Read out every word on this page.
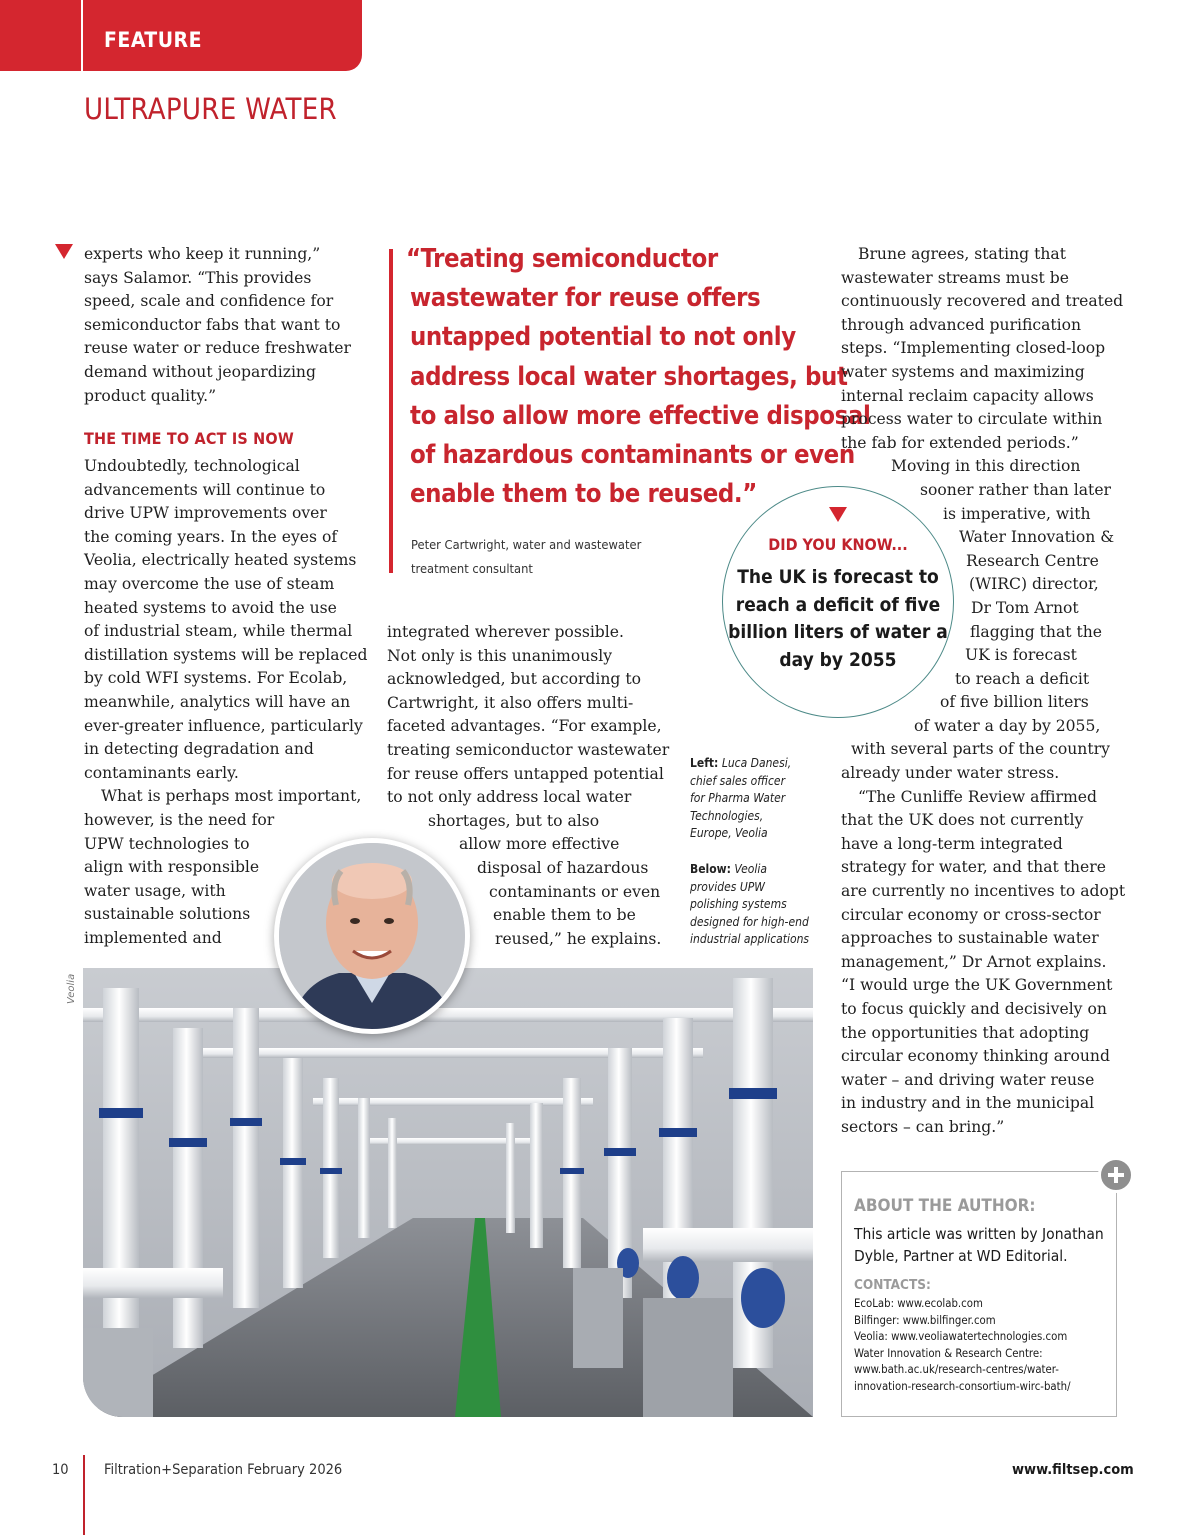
FEATURE
ULTRAPURE WATER
experts who keep it running,”
says Salamor. “This provides
speed, scale and confidence for
semiconductor fabs that want to
reuse water or reduce freshwater
demand without jeopardizing
product quality.”
THE TIME TO ACT IS NOW
Undoubtedly, technological
advancements will continue to
drive UPW improvements over
the coming years. In the eyes of
Veolia, electrically heated systems
may overcome the use of steam
heated systems to avoid the use
of industrial steam, while thermal
distillation systems will be replaced
by cold WFI systems. For Ecolab,
meanwhile, analytics will have an
ever-greater influence, particularly
in detecting degradation and
contaminants early.
What is perhaps most important,
however, is the need for
UPW technologies to
align with responsible
water usage, with
sustainable solutions
implemented and
“Treating semiconductor
wastewater for reuse offers
untapped potential to not only
address local water shortages, but
to also allow more effective disposal
of hazardous contaminants or even
enable them to be reused.”
Peter Cartwright, water and wastewater
treatment consultant
integrated wherever possible.
Not only is this unanimously
acknowledged, but according to
Cartwright, it also offers multi-
faceted advantages. “For example,
treating semiconductor wastewater
for reuse offers untapped potential
to not only address local water
shortages, but to also
allow more effective
disposal of hazardous
contaminants or even
enable them to be
reused,” he explains.
Left: Luca Danesi,
chief sales officer
for Pharma Water
Technologies,
Europe, Veolia
Below: Veolia
provides UPW
polishing systems
designed for high-end
industrial applications
DID YOU KNOW...
The UK is forecast to
reach a deficit of five
billion liters of water a
day by 2055
Brune agrees, stating that
wastewater streams must be
continuously recovered and treated
through advanced purification
steps. “Implementing closed-loop
water systems and maximizing
internal reclaim capacity allows
process water to circulate within
the fab for extended periods.”
Moving in this direction
sooner rather than later
is imperative, with
Water Innovation &
Research Centre
(WIRC) director,
Dr Tom Arnot
flagging that the
UK is forecast
to reach a deficit
of five billion liters
of water a day by 2055,
with several parts of the country
already under water stress.
“The Cunliffe Review affirmed
that the UK does not currently
have a long-term integrated
strategy for water, and that there
are currently no incentives to adopt
circular economy or cross-sector
approaches to sustainable water
management,” Dr Arnot explains.
“I would urge the UK Government
to focus quickly and decisively on
the opportunities that adopting
circular economy thinking around
water – and driving water reuse
in industry and in the municipal
sectors – can bring.”
Veolia
ABOUT THE AUTHOR:
This article was written by Jonathan
Dyble, Partner at WD Editorial.
CONTACTS:
EcoLab: www.ecolab.com
Bilfinger: www.bilfinger.com
Veolia: www.veoliawatertechnologies.com
Water Innovation & Research Centre:
www.bath.ac.uk/research-centres/water-
innovation-research-consortium-wirc-bath/
10 Filtration+Separation February 2026	www.filtsep.com
